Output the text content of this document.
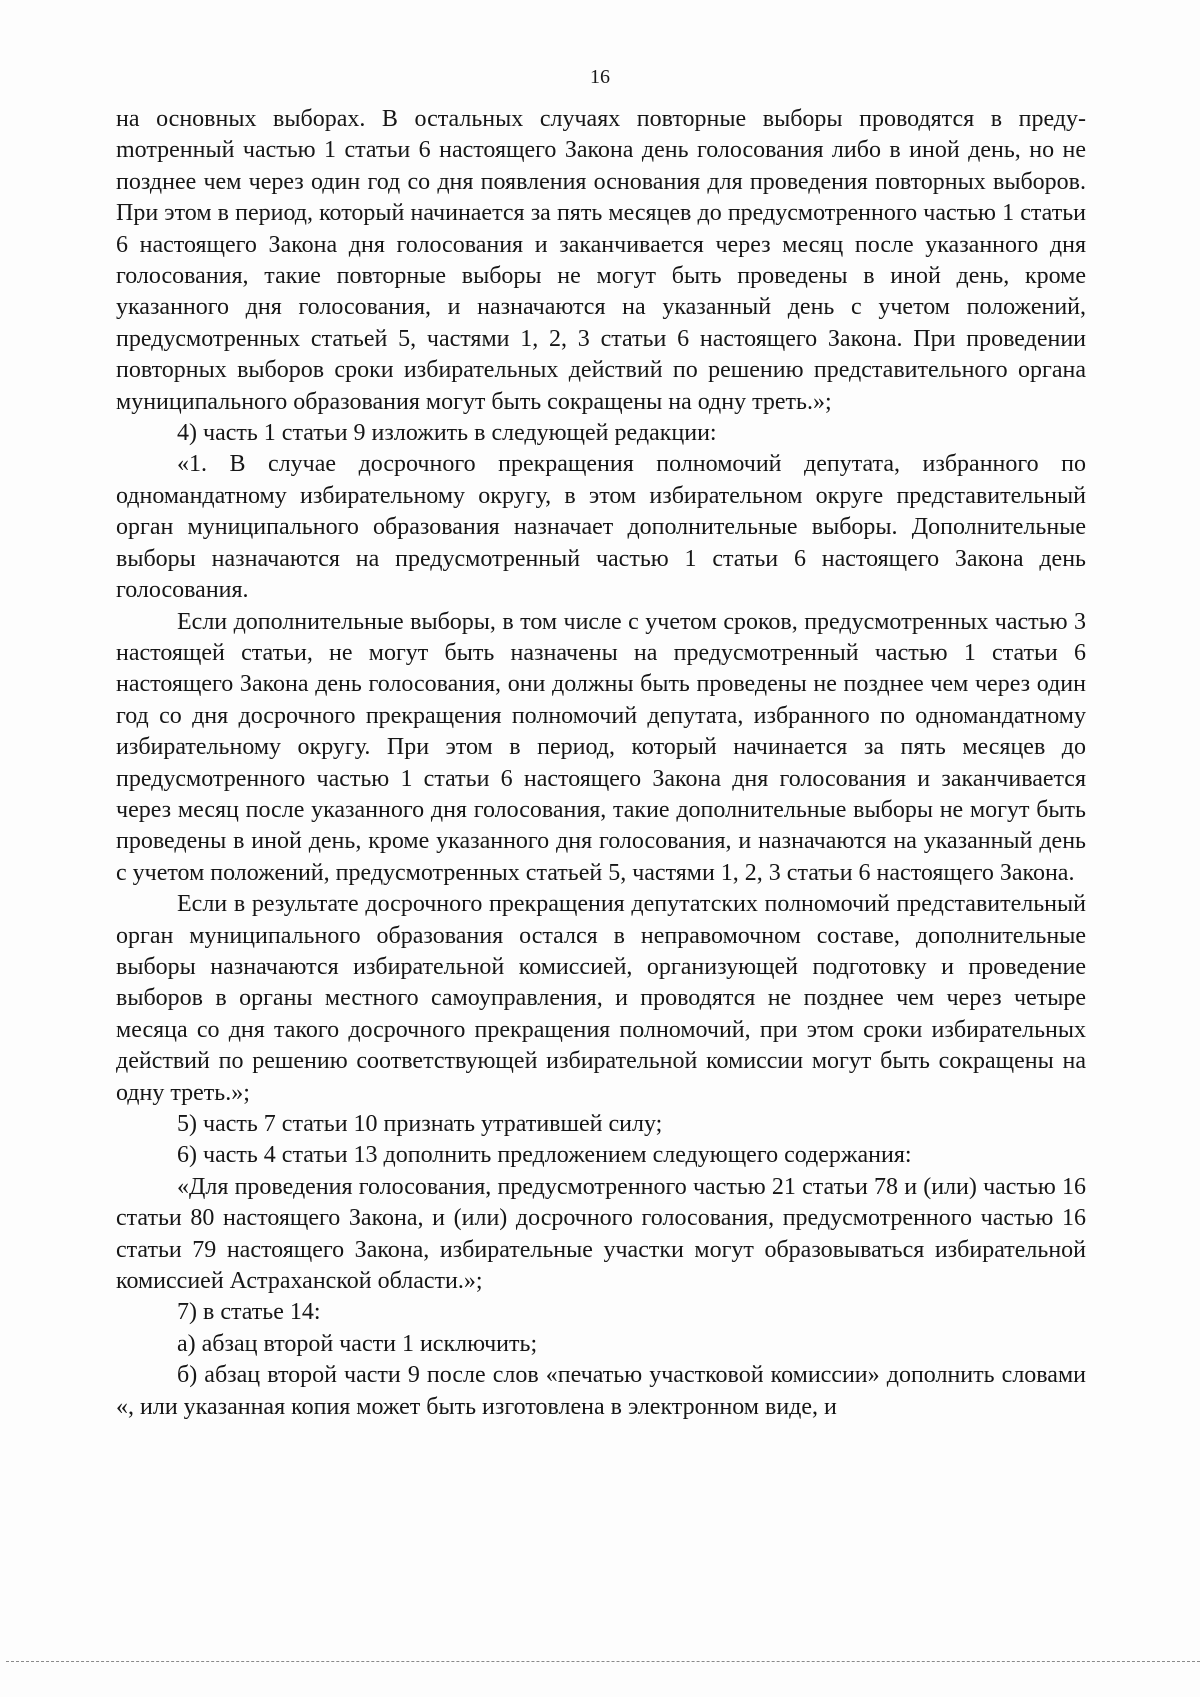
16

на основных выборах. В остальных случаях повторные выборы проводятся в предуmотренный частью 1 статьи 6 настоящего Закона день голосования либо в иной день, но не позднее чем через один год со дня появления основания для проведения повторных выборов. При этом в период, который начинается за пять месяцев до предусмотренного частью 1 статьи 6 настоящего Закона дня голосования и заканчивается через месяц после указанного дня голосования, такие повторные выборы не могут быть проведены в иной день, кроме указанного дня голосования, и назначаются на указанный день с учетом положений, предусмотренных статьей 5, частями 1, 2, 3 статьи 6 настоящего Закона. При проведении повторных выборов сроки избирательных действий по решению представительного органа муниципального образования могут быть сокращены на одну треть.»;

4) часть 1 статьи 9 изложить в следующей редакции:

«1. В случае досрочного прекращения полномочий депутата, избранного по одномандатному избирательному округу, в этом избирательном округе представительный орган муниципального образования назначает дополнительные выборы. Дополнительные выборы назначаются на предусмотренный частью 1 статьи 6 настоящего Закона день голосования.

Если дополнительные выборы, в том числе с учетом сроков, предусмотренных частью 3 настоящей статьи, не могут быть назначены на предусмотренный частью 1 статьи 6 настоящего Закона день голосования, они должны быть проведены не позднее чем через один год со дня досрочного прекращения полномочий депутата, избранного по одномандатному избирательному округу. При этом в период, который начинается за пять месяцев до предусмотренного частью 1 статьи 6 настоящего Закона дня голосования и заканчивается через месяц после указанного дня голосования, такие дополнительные выборы не могут быть проведены в иной день, кроме указанного дня голосования, и назначаются на указанный день с учетом положений, предусмотренных статьей 5, частями 1, 2, 3 статьи 6 настоящего Закона.

Если в результате досрочного прекращения депутатских полномочий представительный орган муниципального образования остался в неправомочном составе, дополнительные выборы назначаются избирательной комиссией, организующей подготовку и проведение выборов в органы местного самоуправления, и проводятся не позднее чем через четыре месяца со дня такого досрочного прекращения полномочий, при этом сроки избирательных действий по решению соответствующей избирательной комиссии могут быть сокращены на одну треть.»;

5) часть 7 статьи 10 признать утратившей силу;

6) часть 4 статьи 13 дополнить предложением следующего содержания:

«Для проведения голосования, предусмотренного частью 21 статьи 78 и (или) частью 16 статьи 80 настоящего Закона, и (или) досрочного голосования, предусмотренного частью 16 статьи 79 настоящего Закона, избирательные участки могут образовываться избирательной комиссией Астраханской области.»;

7) в статье 14:

а) абзац второй части 1 исключить;

б) абзац второй части 9 после слов «печатью участковой комиссии» дополнить словами «, или указанная копия может быть изготовлена в электронном виде, и
